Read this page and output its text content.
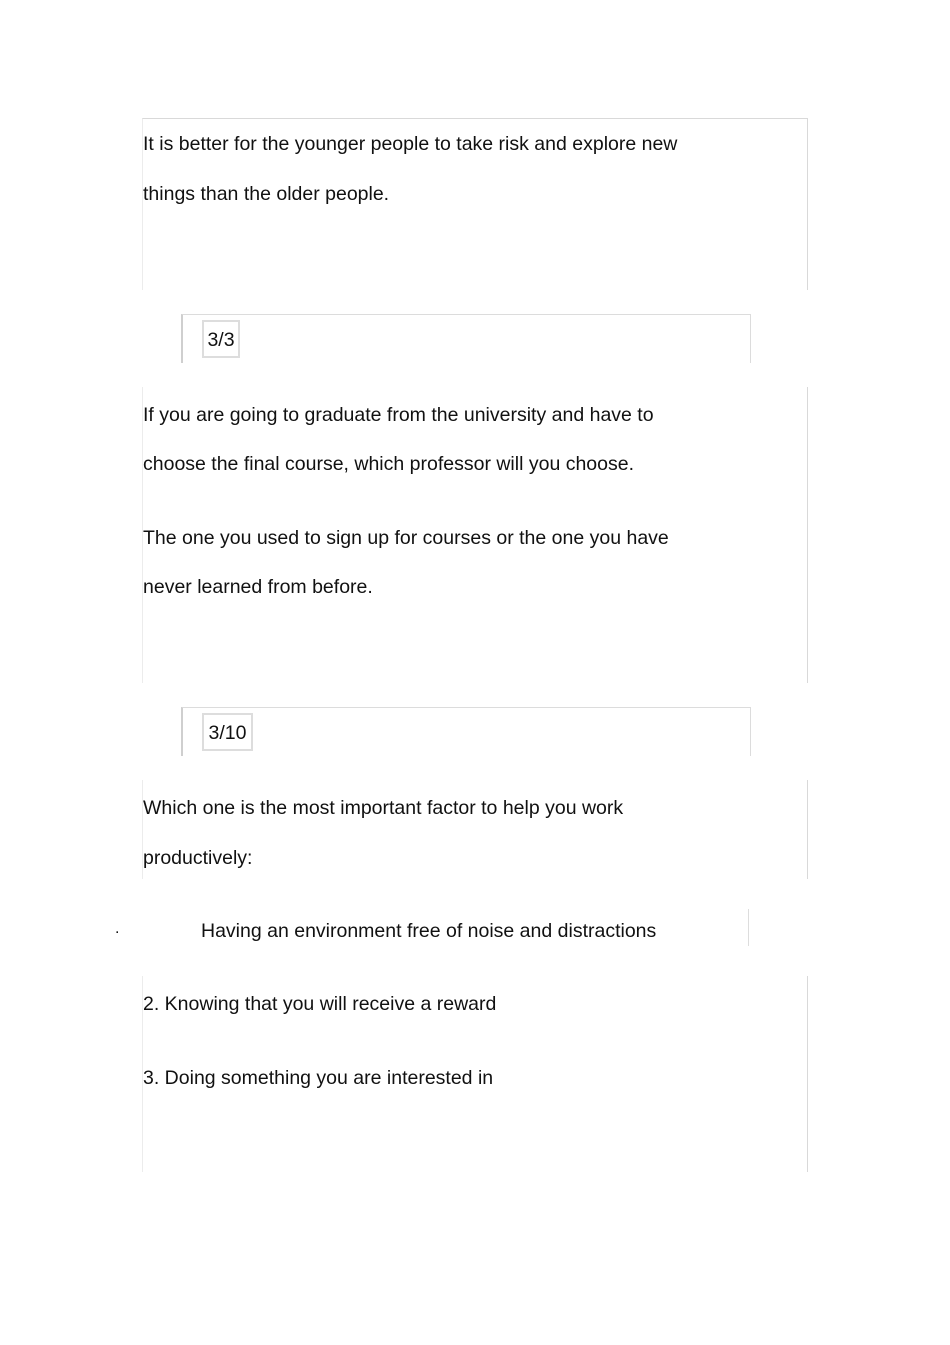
It is better for the younger people to take risk and explore new

things than the older people.

3/3

If you are going to graduate from the university and have to

choose the final course, which professor will you choose.

The one you used to sign up for courses or the one you have

never learned from before.

3/10

Which one is the most important factor to help you work

productively:

.	Having an environment free of noise and distractions

2. Knowing that you will receive a reward

3. Doing something you are interested in
